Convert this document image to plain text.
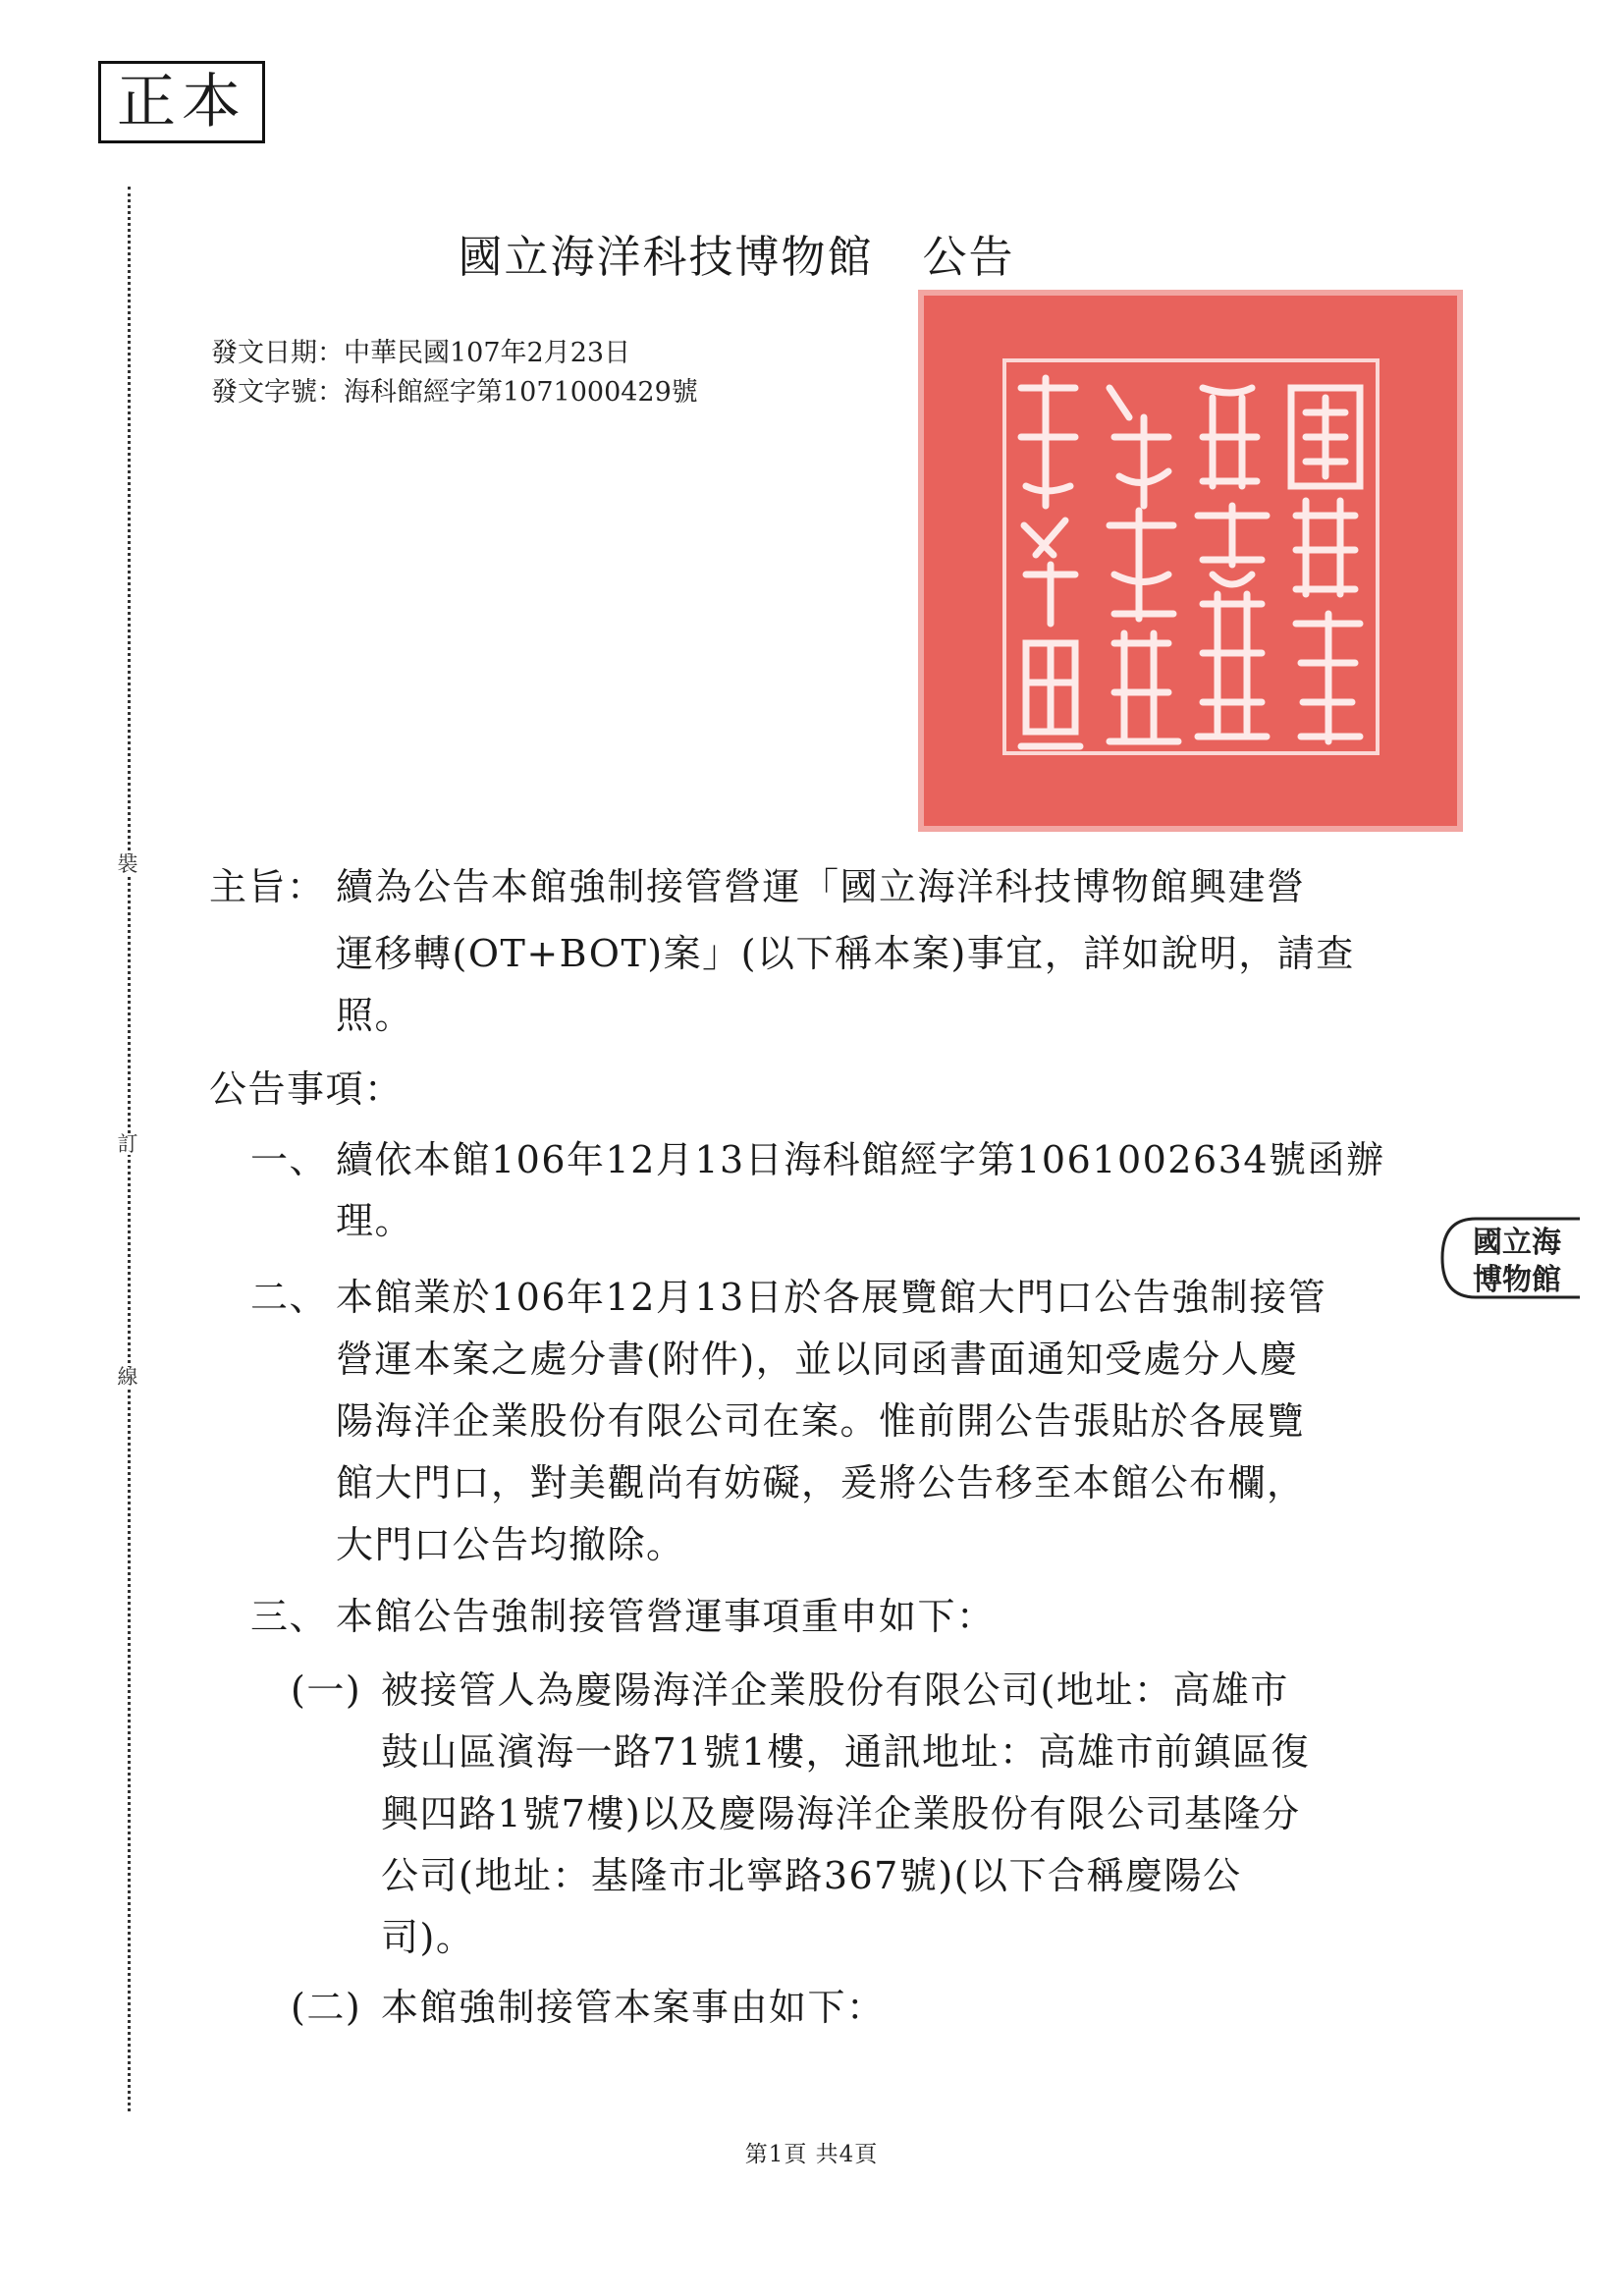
正本
裝
訂
線
國立海洋科技博物館 公告
發文日期：中華民國107年2月23日
發文字號：海科館經字第1071000429號
主旨： 續為公告本館強制接管營運「國立海洋科技博物館興建營
運移轉(OT+BOT)案」(以下稱本案)事宜，詳如說明，請查
照。
公告事項：
一、 續依本館106年12月13日海科館經字第1061002634號函辦
理。
國立海
博物館
二、 本館業於106年12月13日於各展覽館大門口公告強制接管
營運本案之處分書(附件)，並以同函書面通知受處分人慶
陽海洋企業股份有限公司在案。惟前開公告張貼於各展覽
館大門口，對美觀尚有妨礙，爰將公告移至本館公布欄，
大門口公告均撤除。
三、 本館公告強制接管營運事項重申如下：
(一) 被接管人為慶陽海洋企業股份有限公司(地址：高雄市
鼓山區濱海一路71號1樓，通訊地址：高雄市前鎮區復
興四路1號7樓)以及慶陽海洋企業股份有限公司基隆分
公司(地址：基隆市北寧路367號)(以下合稱慶陽公
司)。
(二) 本館強制接管本案事由如下：
第1頁 共4頁
